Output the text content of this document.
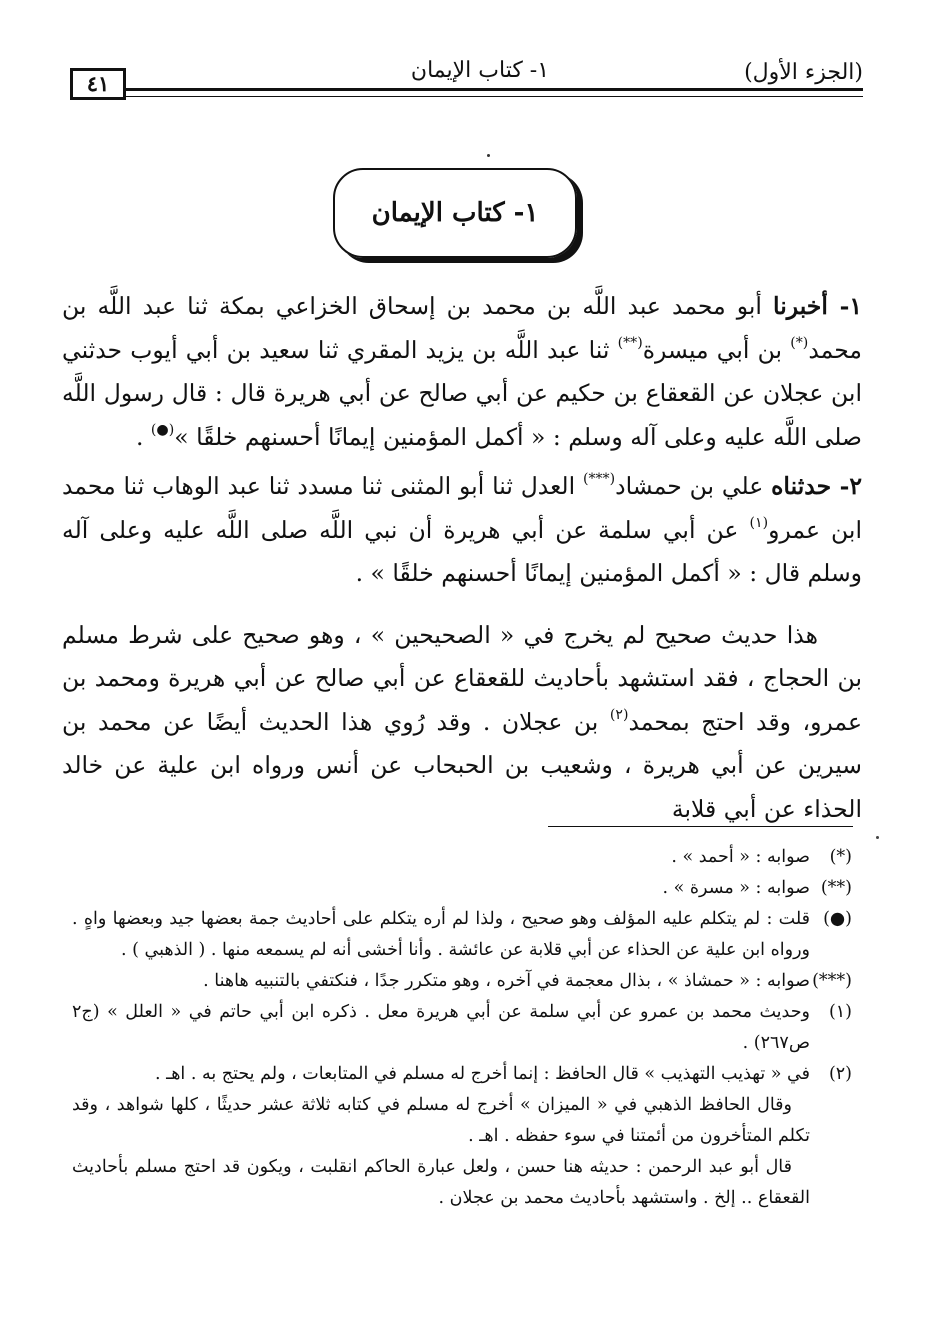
(الجزء الأول)
١- كتاب الإيمان
٤١
١- كتاب الإيمان

١- أخبرنا أبو محمد عبد اللَّه بن محمد بن إسحاق الخزاعي بمكة ثنا عبد اللَّه بن محمد(*) بن أبي ميسرة(**) ثنا عبد اللَّه بن يزيد المقري ثنا سعيد بن أبي أيوب حدثني ابن عجلان عن القعقاع بن حكيم عن أبي صالح عن أبي هريرة قال : قال رسول اللَّه صلى اللَّه عليه وعلى آله وسلم : « أكمل المؤمنين إيمانًا أحسنهم خلقًا »(●) .

٢- حدثناه علي بن حمشاد(***) العدل ثنا أبو المثنى ثنا مسدد ثنا عبد الوهاب ثنا محمد ابن عمرو$^{(١)}$ عن أبي سلمة عن أبي هريرة أن نبي اللَّه صلى اللَّه عليه وعلى آله وسلم قال : « أكمل المؤمنين إيمانًا أحسنهم خلقًا » .

هذا حديث صحيح لم يخرج في « الصحيحين » ، وهو صحيح على شرط مسلم بن الحجاج ، فقد استشهد بأحاديث للقعقاع عن أبي صالح عن أبي هريرة ومحمد بن عمرو، وقد احتج بمحمد$^{(٢)}$ بن عجلان . وقد رُوي هذا الحديث أيضًا عن محمد بن سيرين عن أبي هريرة ، وشعيب بن الحبحاب عن أنس ورواه ابن علية عن خالد الحذاء عن أبي قلابة

(*)
صوابه : « أحمد » .
(**)
صوابه : « مسرة » .
(●)
قلت : لم يتكلم عليه المؤلف وهو صحيح ، ولذا لم أره يتكلم على أحاديث جمة بعضها جيد وبعضها واهٍ . ورواه ابن علية عن الحذاء عن أبي قلابة عن عائشة . وأنا أخشى أنه لم يسمعه منها . ( الذهبي ) .
(***)
صوابه : « حمشاذ » ، بذال معجمة في آخره ، وهو متكرر جدًا ، فنكتفي بالتنبيه هاهنا .
(١)
وحديث محمد بن عمرو عن أبي سلمة عن أبي هريرة معل . ذكره ابن أبي حاتم في « العلل » (ج٢ ص٢٦٧) .
(٢)
في « تهذيب التهذيب » قال الحافظ : إنما أخرج له مسلم في المتابعات ، ولم يحتج به . اهـ .
وقال الحافظ الذهبي في « الميزان » أخرج له مسلم في كتابه ثلاثة عشر حديثًا ، كلها شواهد ، وقد تكلم المتأخرون من أئمتنا في سوء حفظه . اهـ .
قال أبو عبد الرحمن : حديثه هنا حسن ، ولعل عبارة الحاكم انقلبت ، ويكون قد احتج مسلم بأحاديث القعقاع .. إلخ . واستشهد بأحاديث محمد بن عجلان .
